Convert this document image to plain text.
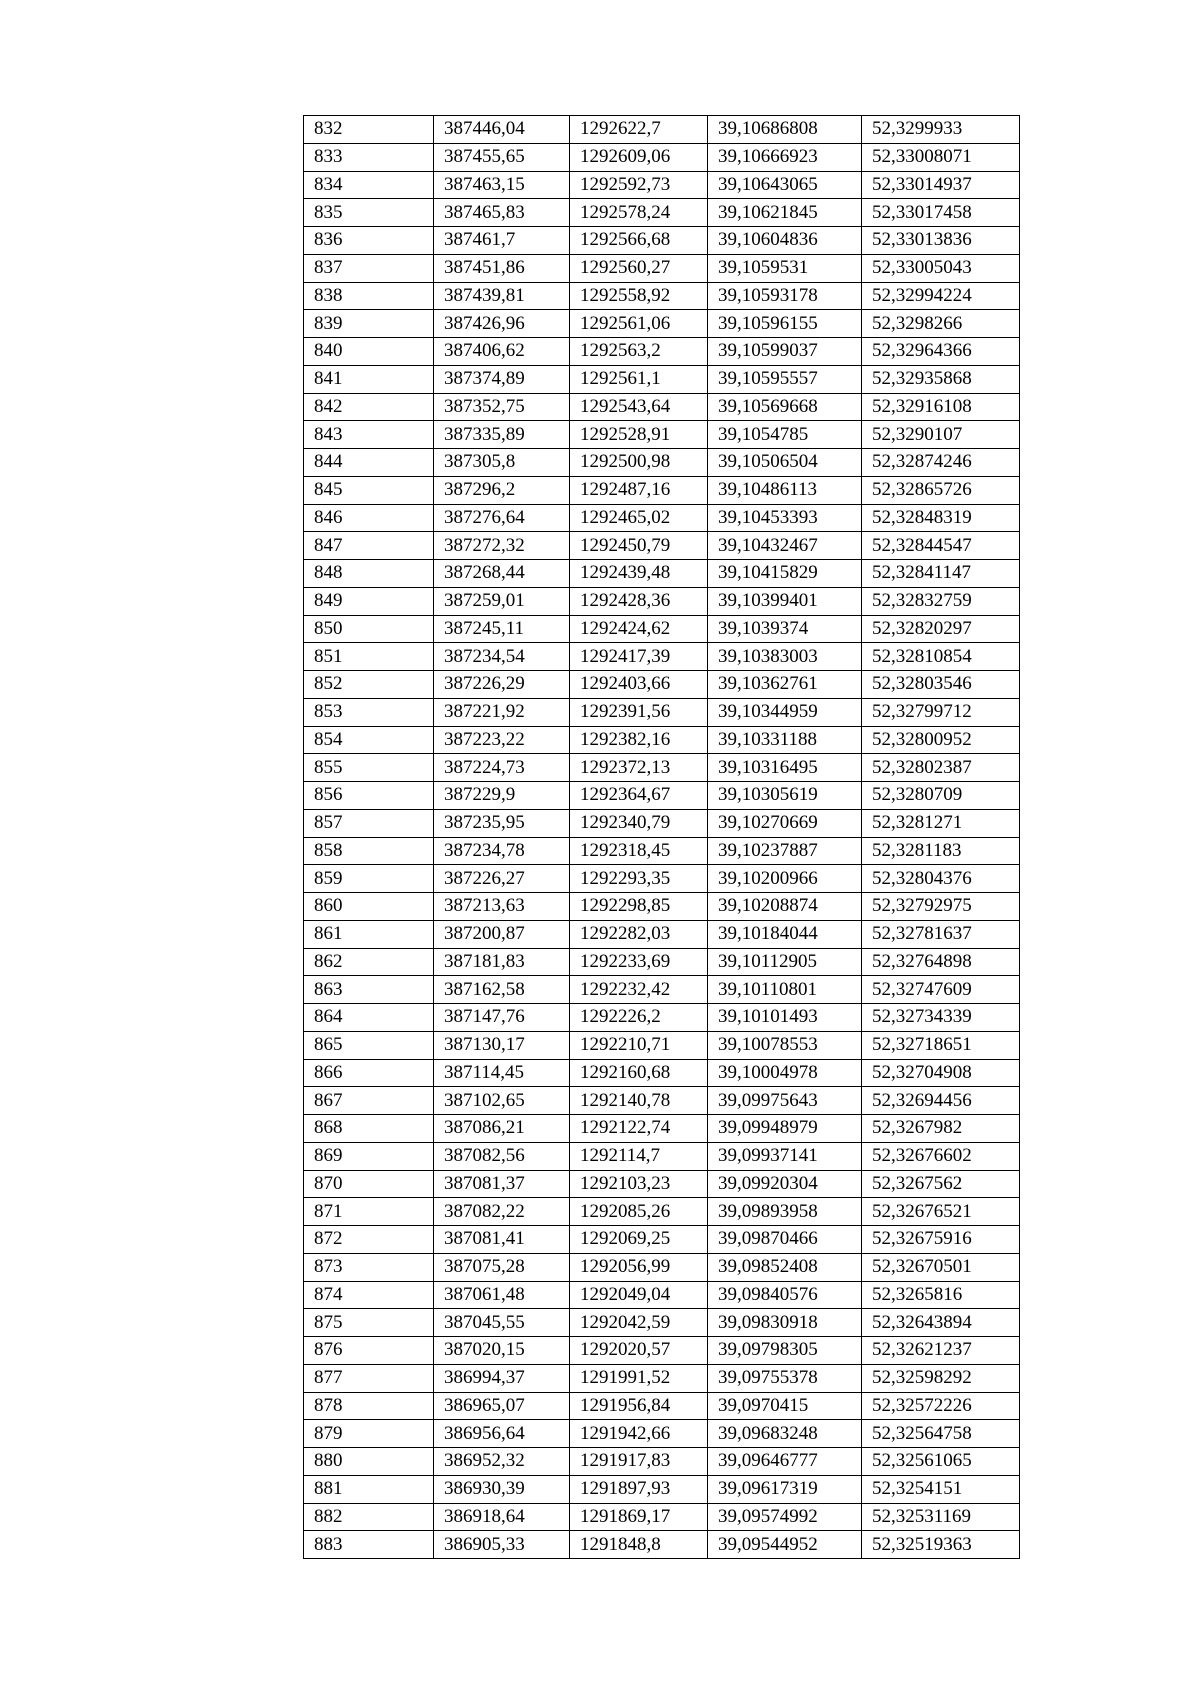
832	387446,04	1292622,7	39,10686808	52,3299933
833	387455,65	1292609,06	39,10666923	52,33008071
834	387463,15	1292592,73	39,10643065	52,33014937
835	387465,83	1292578,24	39,10621845	52,33017458
836	387461,7	1292566,68	39,10604836	52,33013836
837	387451,86	1292560,27	39,1059531	52,33005043
838	387439,81	1292558,92	39,10593178	52,32994224
839	387426,96	1292561,06	39,10596155	52,3298266
840	387406,62	1292563,2	39,10599037	52,32964366
841	387374,89	1292561,1	39,10595557	52,32935868
842	387352,75	1292543,64	39,10569668	52,32916108
843	387335,89	1292528,91	39,1054785	52,3290107
844	387305,8	1292500,98	39,10506504	52,32874246
845	387296,2	1292487,16	39,10486113	52,32865726
846	387276,64	1292465,02	39,10453393	52,32848319
847	387272,32	1292450,79	39,10432467	52,32844547
848	387268,44	1292439,48	39,10415829	52,32841147
849	387259,01	1292428,36	39,10399401	52,32832759
850	387245,11	1292424,62	39,1039374	52,32820297
851	387234,54	1292417,39	39,10383003	52,32810854
852	387226,29	1292403,66	39,10362761	52,32803546
853	387221,92	1292391,56	39,10344959	52,32799712
854	387223,22	1292382,16	39,10331188	52,32800952
855	387224,73	1292372,13	39,10316495	52,32802387
856	387229,9	1292364,67	39,10305619	52,3280709
857	387235,95	1292340,79	39,10270669	52,3281271
858	387234,78	1292318,45	39,10237887	52,3281183
859	387226,27	1292293,35	39,10200966	52,32804376
860	387213,63	1292298,85	39,10208874	52,32792975
861	387200,87	1292282,03	39,10184044	52,32781637
862	387181,83	1292233,69	39,10112905	52,32764898
863	387162,58	1292232,42	39,10110801	52,32747609
864	387147,76	1292226,2	39,10101493	52,32734339
865	387130,17	1292210,71	39,10078553	52,32718651
866	387114,45	1292160,68	39,10004978	52,32704908
867	387102,65	1292140,78	39,09975643	52,32694456
868	387086,21	1292122,74	39,09948979	52,3267982
869	387082,56	1292114,7	39,09937141	52,32676602
870	387081,37	1292103,23	39,09920304	52,3267562
871	387082,22	1292085,26	39,09893958	52,32676521
872	387081,41	1292069,25	39,09870466	52,32675916
873	387075,28	1292056,99	39,09852408	52,32670501
874	387061,48	1292049,04	39,09840576	52,3265816
875	387045,55	1292042,59	39,09830918	52,32643894
876	387020,15	1292020,57	39,09798305	52,32621237
877	386994,37	1291991,52	39,09755378	52,32598292
878	386965,07	1291956,84	39,0970415	52,32572226
879	386956,64	1291942,66	39,09683248	52,32564758
880	386952,32	1291917,83	39,09646777	52,32561065
881	386930,39	1291897,93	39,09617319	52,3254151
882	386918,64	1291869,17	39,09574992	52,32531169
883	386905,33	1291848,8	39,09544952	52,32519363
